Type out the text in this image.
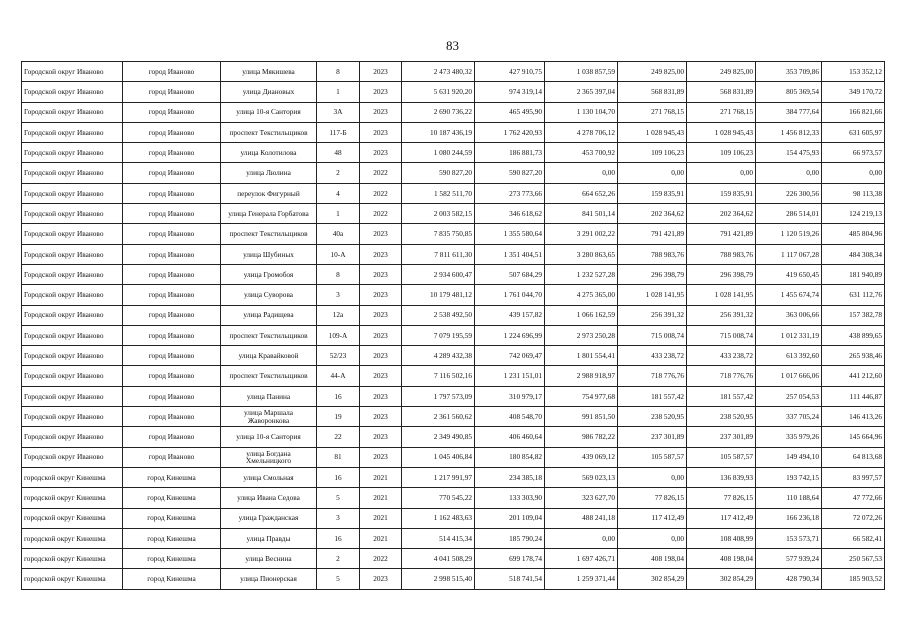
83
Городской округ Иваново	город Иваново	улица Мякишева	8	2023	2 473 480,32	427 910,75	1 038 857,59	249 825,00	249 825,00	353 709,86	153 352,12
Городской округ Иваново	город Иваново	улица Диановых	1	2023	5 631 920,20	974 319,14	2 365 397,04	568 831,89	568 831,89	805 369,54	349 170,72
Городской округ Иваново	город Иваново	улица 10-я Сантория	3А	2023	2 690 736,22	465 495,90	1 130 104,70	271 768,15	271 768,15	384 777,64	166 821,66
Городской округ Иваново	город Иваново	проспект Текстильщиков	117-Б	2023	10 187 436,19	1 762 420,93	4 278 706,12	1 028 945,43	1 028 945,43	1 456 812,33	631 605,97
Городской округ Иваново	город Иваново	улица Колотилова	48	2023	1 080 244,59	186 881,73	453 700,92	109 106,23	109 106,23	154 475,93	66 973,57
Городской округ Иваново	город Иваново	улица Люлина	2	2022	590 827,20	590 827,20	0,00	0,00	0,00	0,00	0,00
Городской округ Иваново	город Иваново	переулок Фигурный	4	2022	1 582 511,70	273 773,66	664 652,26	159 835,91	159 835,91	226 300,56	98 113,38
Городской округ Иваново	город Иваново	улица Генерала Горбатова	1	2022	2 003 582,15	346 618,62	841 501,14	202 364,62	202 364,62	286 514,01	124 219,13
Городской округ Иваново	город Иваново	проспект Текстильщиков	40а	2023	7 835 750,85	1 355 580,64	3 291 002,22	791 421,89	791 421,89	1 120 519,26	485 804,96
Городской округ Иваново	город Иваново	улица Шубиных	10-А	2023	7 811 611,30	1 351 404,51	3 280 863,65	788 983,76	788 983,76	1 117 067,28	484 308,34
Городской округ Иваново	город Иваново	улица Громобоя	8	2023	2 934 600,47	507 684,29	1 232 527,28	296 398,79	296 398,79	419 650,45	181 940,89
Городской округ Иваново	город Иваново	улица Суворова	3	2023	10 179 481,12	1 761 044,70	4 275 365,00	1 028 141,95	1 028 141,95	1 455 674,74	631 112,76
Городской округ Иваново	город Иваново	улица Радищева	12а	2023	2 538 492,50	439 157,82	1 066 162,59	256 391,32	256 391,32	363 006,66	157 382,78
Городской округ Иваново	город Иваново	проспект Текстильщиков	109-А	2023	7 079 195,59	1 224 696,99	2 973 250,28	715 008,74	715 008,74	1 012 331,19	438 899,65
Городской округ Иваново	город Иваново	улица Кравайковой	52/23	2023	4 289 432,38	742 069,47	1 801 554,41	433 238,72	433 238,72	613 392,60	265 938,46
Городской округ Иваново	город Иваново	проспект Текстильщиков	44-А	2023	7 116 502,16	1 231 151,01	2 988 918,97	718 776,76	718 776,76	1 017 666,06	441 212,60
Городской округ Иваново	город Иваново	улица Панина	16	2023	1 797 573,09	310 979,17	754 977,68	181 557,42	181 557,42	257 054,53	111 446,87
Городской округ Иваново	город Иваново	улица Маршала Жаворонкова	19	2023	2 361 560,62	408 548,70	991 851,50	238 520,95	238 520,95	337 705,24	146 413,26
Городской округ Иваново	город Иваново	улица 10-я Сантория	22	2023	2 349 490,85	406 460,64	986 782,22	237 301,89	237 301,89	335 979,26	145 664,96
Городской округ Иваново	город Иваново	улица Богдана Хмельницкого	81	2023	1 045 406,84	180 854,82	439 069,12	105 587,57	105 587,57	149 494,10	64 813,68
городской округ Кинешма	город Кинешма	улица Смольная	16	2021	1 217 991,97	234 385,18	569 023,13	0,00	136 839,93	193 742,15	83 997,57
городской округ Кинешма	город Кинешма	улица Ивана Седова	5	2021	770 545,22	133 303,90	323 627,70	77 826,15	77 826,15	110 188,64	47 772,66
городской округ Кинешма	город Кинешма	улица Гражданская	3	2021	1 162 483,63	201 109,04	488 241,18	117 412,49	117 412,49	166 236,18	72 072,26
городской округ Кинешма	город Кинешма	улица Правды	16	2021	514 415,34	185 790,24	0,00	0,00	108 408,99	153 573,71	66 582,41
городской округ Кинешма	город Кинешма	улица Веснина	2	2022	4 041 508,29	699 178,74	1 697 426,71	408 198,04	408 198,04	577 939,24	250 567,53
городской округ Кинешма	город Кинешма	улица Пионерская	5	2023	2 998 515,40	518 741,54	1 259 371,44	302 854,29	302 854,29	428 790,34	185 903,52
